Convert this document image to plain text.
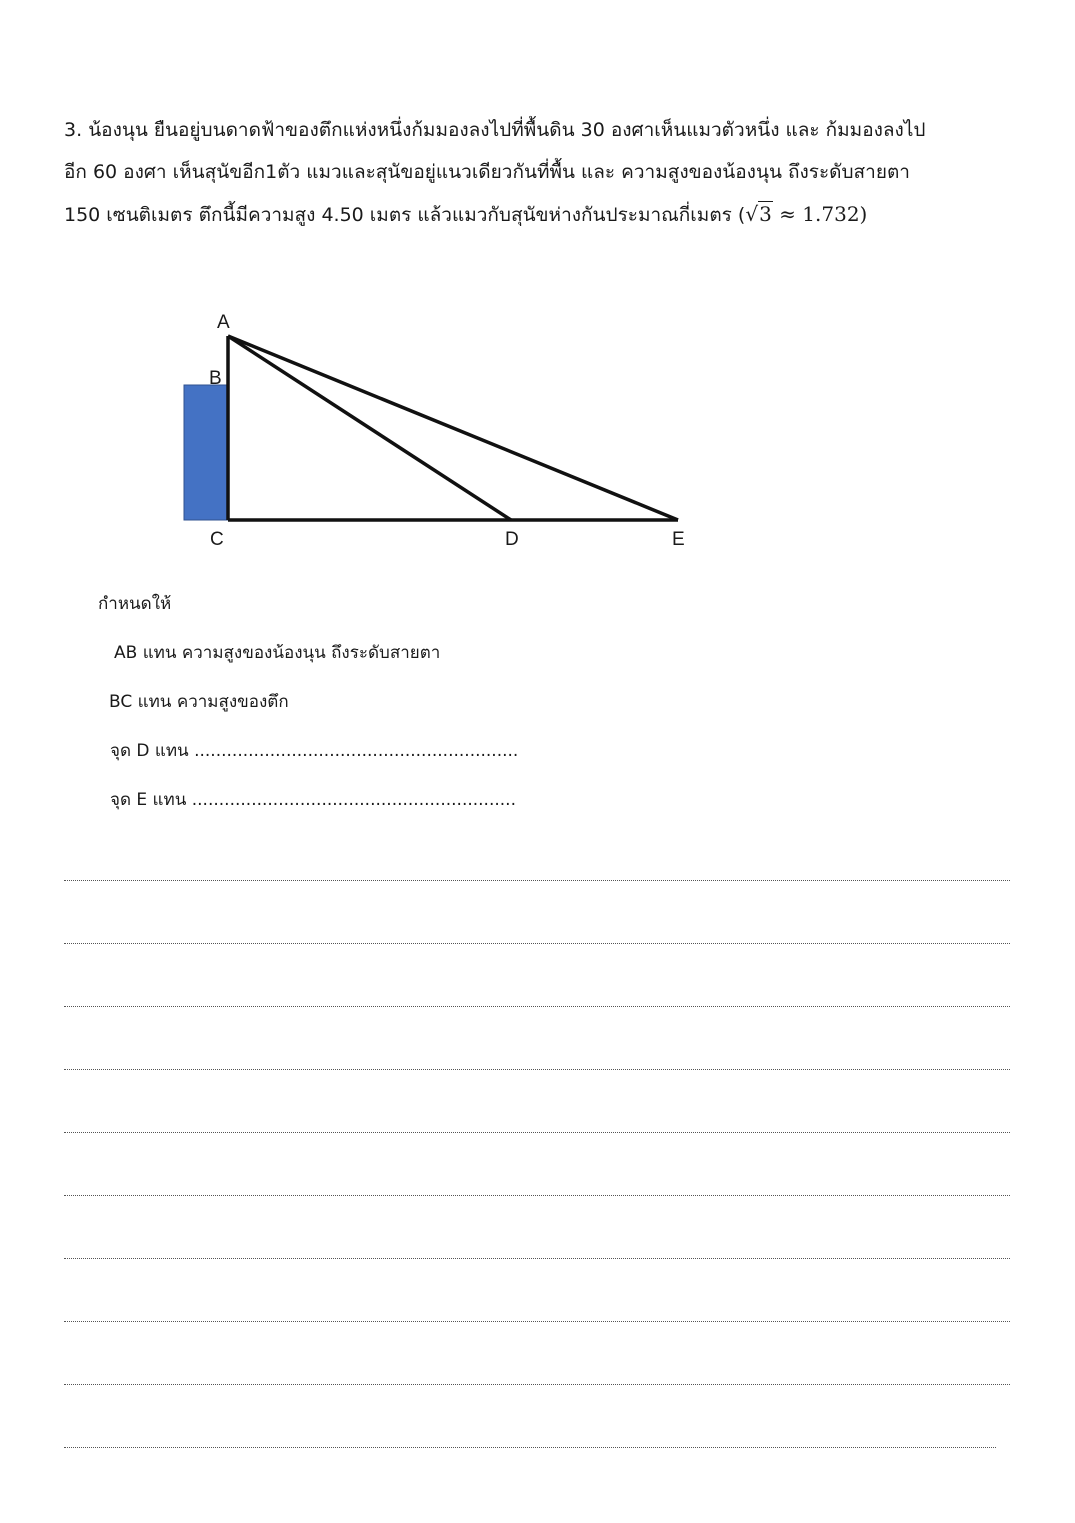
3. น้องนุน ยืนอยู่บนดาดฟ้าของตึกแห่งหนึ่งก้มมองลงไปที่พื้นดิน 30 องศาเห็นแมวตัวหนึ่ง และ ก้มมองลงไป
อีก 60 องศา เห็นสุนัขอีก1ตัว แมวและสุนัขอยู่แนวเดียวกันที่พื้น และ ความสูงของน้องนุน ถึงระดับสายตา
150 เซนติเมตร ตึกนี้มีความสูง 4.50 เมตร แล้วแมวกับสุนัขห่างกันประมาณกี่เมตร (√3 ≈ 1.732)
A
B
C	D	E
กำหนดให้
AB แทน ความสูงของน้องนุน ถึงระดับสายตา
BC แทน ความสูงของตึก
จุด D แทน ............................................................
จุด E แทน ............................................................
